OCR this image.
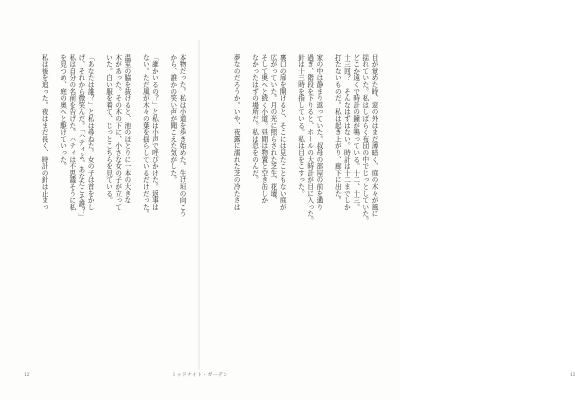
本物だった。私は小道を歩き始めた。生け垣の向こう
から、誰かの笑い声が聞こえた気がした。
「誰かいるの？」と私は小声で呼びかけた。返事は
ない。ただ風が木々の葉を揺らしているだけだった。
温室の脇を抜けると、池のほとりに一本の大きな
木があった。その木の下に、小さな女の子が立って
いた。白い服を着て、じっとこちらを見ている。
「あなたは誰？」と私は尋ねた。女の子は首をかし
げ、それから微笑んだ。「ハティよ。あなたこそ誰？」
私は自分の名前を告げた。ハティは不思議そうに私
を見つめ、庭の奥へと駆けていった。
私は後を追った。夜はまだ長く、時計の針は止まっ
12
目が覚めた時、窓の外はまだ薄暗く、庭の木々が風に
揺れていた。私はしばらく布団の中でじっとしていた。
どこか遠くで時計の鐘が鳴っている。十二、十三。
十三回？　そんなはずはない。時計は十二までしか
打たないものだ。私は起き上がり、廊下に出た。
家の中は静まり返っていた。叔母の部屋の前を通り
過ぎ、階段を下りると、ホールの大時計が目に入った。
針は十三時を指している。私は目をこすった。
裏口の扉を開けると、そこには見たこともない庭が
広がっていた。月の光に照らされた芝生、花壇、
そして奥へと続く小道。昼間は物置と空き缶しか
なかったはずの場所だ。私は息をのんだ。
夢なのだろうか。いや、夜露に濡れた芝の冷たさは
13
ミッドナイト・ガーデン
